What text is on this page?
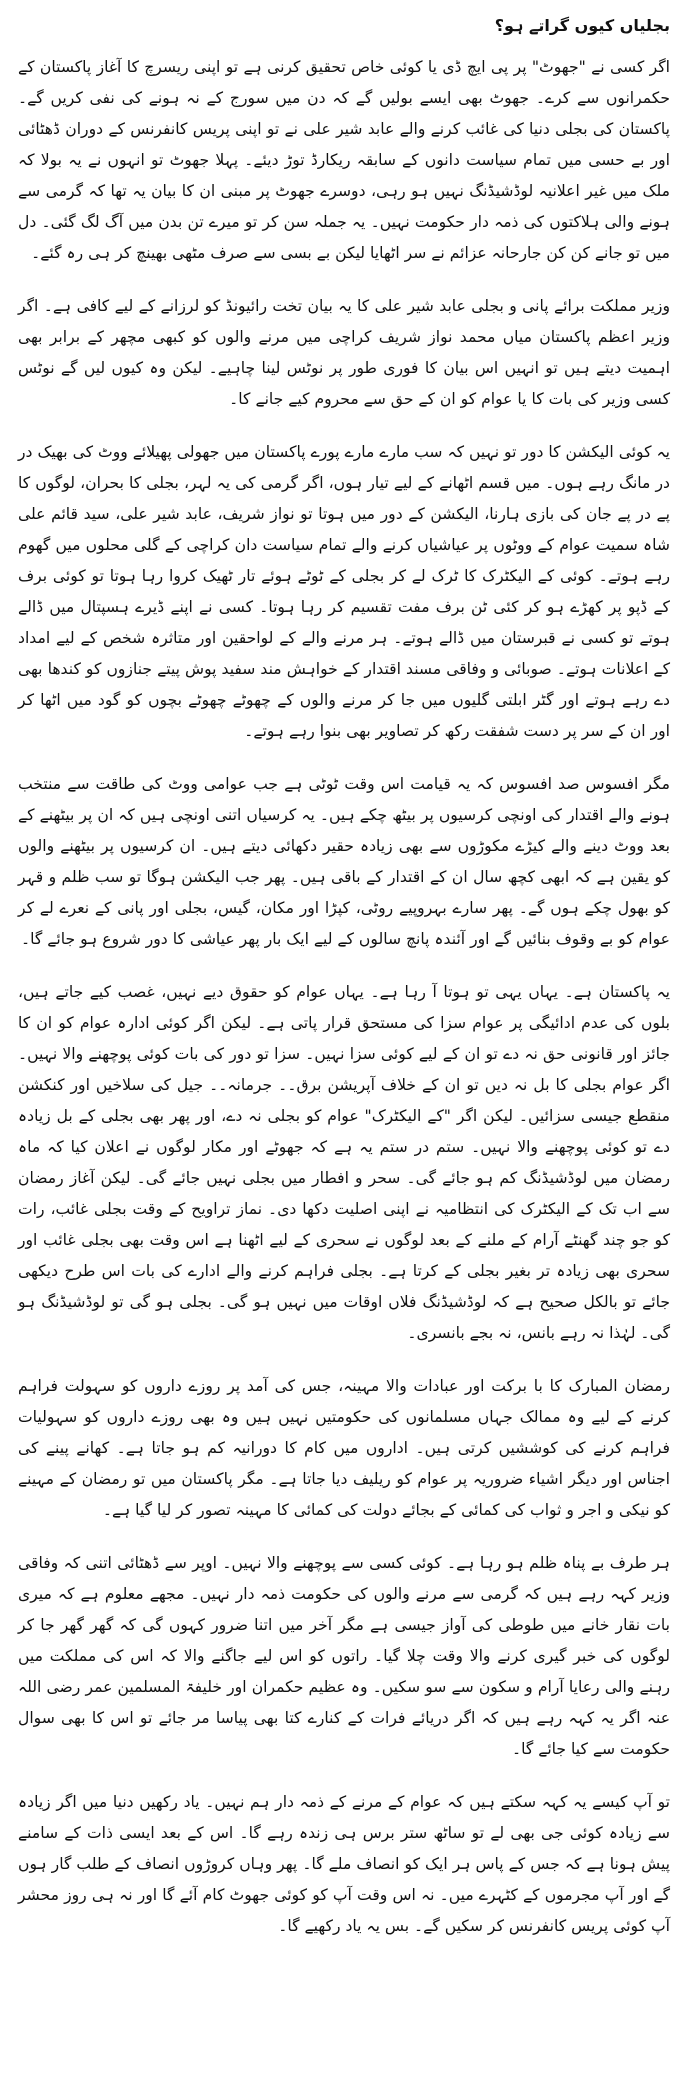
بجلیاں کیوں گراتے ہو؟

اگر کسی نے "جھوٹ" پر پی ایچ ڈی یا کوئی خاص تحقیق کرنی ہے تو اپنی ریسرچ کا آغاز پاکستان کے حکمرانوں سے کرے۔ جھوٹ بھی ایسے بولیں گے کہ دن میں سورج کے نہ ہونے کی نفی کریں گے۔ پاکستان کی بجلی دنیا کی غائب کرنے والے عابد شیر علی نے تو اپنی پریس کانفرنس کے دوران ڈھٹائی اور بے حسی میں تمام سیاست دانوں کے سابقہ ریکارڈ توڑ دیئے۔ پہلا جھوٹ تو انہوں نے یہ بولا کہ ملک میں غیر اعلانیہ لوڈشیڈنگ نہیں ہو رہی، دوسرے جھوٹ پر مبنی ان کا بیان یہ تھا کہ گرمی سے ہونے والی ہلاکتوں کی ذمہ دار حکومت نہیں۔ یہ جملہ سن کر تو میرے تن بدن میں آگ لگ گئی۔ دل میں تو جانے کن کن جارحانہ عزائم نے سر اٹھایا لیکن بے بسی سے صرف مٹھی بھینچ کر ہی رہ گئے۔

وزیر مملکت برائے پانی و بجلی عابد شیر علی کا یہ بیان تخت رائیونڈ کو لرزانے کے لیے کافی ہے۔ اگر وزیر اعظم پاکستان میاں محمد نواز شریف کراچی میں مرنے والوں کو کبھی مچھر کے برابر بھی اہمیت دیتے ہیں تو انہیں اس بیان کا فوری طور پر نوٹس لینا چاہیے۔ لیکن وہ کیوں لیں گے نوٹس کسی وزیر کی بات کا یا عوام کو ان کے حق سے محروم کیے جانے کا۔

یہ کوئی الیکشن کا دور تو نہیں کہ سب مارے مارے پورے پاکستان میں جھولی پھیلائے ووٹ کی بھیک در در مانگ رہے ہوں۔ میں قسم اٹھانے کے لیے تیار ہوں، اگر گرمی کی یہ لہر، بجلی کا بحران، لوگوں کا پے در پے جان کی بازی ہارنا، الیکشن کے دور میں ہوتا تو نواز شریف، عابد شیر علی، سید قائم علی شاہ سمیت عوام کے ووٹوں پر عیاشیاں کرنے والے تمام سیاست دان کراچی کے گلی محلوں میں گھوم رہے ہوتے۔ کوئی کے الیکٹرک کا ٹرک لے کر بجلی کے ٹوٹے ہوئے تار ٹھیک کروا رہا ہوتا تو کوئی برف کے ڈپو پر کھڑے ہو کر کئی ٹن برف مفت تقسیم کر رہا ہوتا۔ کسی نے اپنے ڈیرے ہسپتال میں ڈالے ہوتے تو کسی نے قبرستان میں ڈالے ہوتے۔ ہر مرنے والے کے لواحقین اور متاثرہ شخص کے لیے امداد کے اعلانات ہوتے۔ صوبائی و وفاقی مسند اقتدار کے خواہش مند سفید پوش پیتے جنازوں کو کندھا بھی دے رہے ہوتے اور گٹر ابلتی گلیوں میں جا کر مرنے والوں کے چھوٹے چھوٹے بچوں کو گود میں اٹھا کر اور ان کے سر پر دست شفقت رکھ کر تصاویر بھی بنوا رہے ہوتے۔

مگر افسوس صد افسوس کہ یہ قیامت اس وقت ٹوٹی ہے جب عوامی ووٹ کی طاقت سے منتخب ہونے والے اقتدار کی اونچی کرسیوں پر بیٹھ چکے ہیں۔ یہ کرسیاں اتنی اونچی ہیں کہ ان پر بیٹھنے کے بعد ووٹ دینے والے کیڑے مکوڑوں سے بھی زیادہ حقیر دکھائی دیتے ہیں۔ ان کرسیوں پر بیٹھنے والوں کو یقین ہے کہ ابھی کچھ سال ان کے اقتدار کے باقی ہیں۔ پھر جب الیکشن ہوگا تو سب ظلم و قہر کو بھول چکے ہوں گے۔ پھر سارے بہروپیے روٹی، کپڑا اور مکان، گیس، بجلی اور پانی کے نعرے لے کر عوام کو بے وقوف بنائیں گے اور آئندہ پانچ سالوں کے لیے ایک بار پھر عیاشی کا دور شروع ہو جائے گا۔

یہ پاکستان ہے۔ یہاں یہی تو ہوتا آ رہا ہے۔ یہاں عوام کو حقوق دیے نہیں، غصب کیے جاتے ہیں، بلوں کی عدم ادائیگی پر عوام سزا کی مستحق قرار پاتی ہے۔ لیکن اگر کوئی ادارہ عوام کو ان کا جائز اور قانونی حق نہ دے تو ان کے لیے کوئی سزا نہیں۔ سزا تو دور کی بات کوئی پوچھنے والا نہیں۔ اگر عوام بجلی کا بل نہ دیں تو ان کے خلاف آپریشن برق۔۔ جرمانہ۔۔ جیل کی سلاخیں اور کنکشن منقطع جیسی سزائیں۔ لیکن اگر "کے الیکٹرک" عوام کو بجلی نہ دے، اور پھر بھی بجلی کے بل زیادہ دے تو کوئی پوچھنے والا نہیں۔ ستم در ستم یہ ہے کہ جھوٹے اور مکار لوگوں نے اعلان کیا کہ ماہ رمضان میں لوڈشیڈنگ کم ہو جائے گی۔ سحر و افطار میں بجلی نہیں جائے گی۔ لیکن آغاز رمضان سے اب تک کے الیکٹرک کی انتظامیہ نے اپنی اصلیت دکھا دی۔ نماز تراویح کے وقت بجلی غائب، رات کو جو چند گھنٹے آرام کے ملنے کے بعد لوگوں نے سحری کے لیے اٹھنا ہے اس وقت بھی بجلی غائب اور سحری بھی زیادہ تر بغیر بجلی کے کرتا ہے۔ بجلی فراہم کرنے والے ادارے کی بات اس طرح دیکھی جائے تو بالکل صحیح ہے کہ لوڈشیڈنگ فلاں اوقات میں نہیں ہو گی۔ بجلی ہو گی تو لوڈشیڈنگ ہو گی۔ لہٰذا نہ رہے بانس، نہ بجے بانسری۔

رمضان المبارک کا با برکت اور عبادات والا مہینہ، جس کی آمد پر روزے داروں کو سہولت فراہم کرنے کے لیے وہ ممالک جہاں مسلمانوں کی حکومتیں نہیں ہیں وہ بھی روزے داروں کو سہولیات فراہم کرنے کی کوششیں کرتی ہیں۔ اداروں میں کام کا دورانیہ کم ہو جاتا ہے۔ کھانے پینے کی اجناس اور دیگر اشیاء ضروریہ پر عوام کو ریلیف دیا جاتا ہے۔ مگر پاکستان میں تو رمضان کے مہینے کو نیکی و اجر و ثواب کی کمائی کے بجائے دولت کی کمائی کا مہینہ تصور کر لیا گیا ہے۔

ہر طرف بے پناہ ظلم ہو رہا ہے۔ کوئی کسی سے پوچھنے والا نہیں۔ اوپر سے ڈھٹائی اتنی کہ وفاقی وزیر کہہ رہے ہیں کہ گرمی سے مرنے والوں کی حکومت ذمہ دار نہیں۔ مجھے معلوم ہے کہ میری بات نقار خانے میں طوطی کی آواز جیسی ہے مگر آخر میں اتنا ضرور کہوں گی کہ گھر گھر جا کر لوگوں کی خبر گیری کرنے والا وقت چلا گیا۔ راتوں کو اس لیے جاگنے والا کہ اس کی مملکت میں رہنے والی رعایا آرام و سکون سے سو سکیں۔ وہ عظیم حکمران اور خلیفۃ المسلمین عمر رضی اللہ عنہ اگر یہ کہہ رہے ہیں کہ اگر دریائے فرات کے کنارے کتا بھی پیاسا مر جائے تو اس کا بھی سوال حکومت سے کیا جائے گا۔

تو آپ کیسے یہ کہہ سکتے ہیں کہ عوام کے مرنے کے ذمہ دار ہم نہیں۔ یاد رکھیں دنیا میں اگر زیادہ سے زیادہ کوئی جی بھی لے تو ساٹھ ستر برس ہی زندہ رہے گا۔ اس کے بعد ایسی ذات کے سامنے پیش ہونا ہے کہ جس کے پاس ہر ایک کو انصاف ملے گا۔ پھر وہاں کروڑوں انصاف کے طلب گار ہوں گے اور آپ مجرموں کے کٹہرے میں۔ نہ اس وقت آپ کو کوئی جھوٹ کام آئے گا اور نہ ہی روز محشر آپ کوئی پریس کانفرنس کر سکیں گے۔ بس یہ یاد رکھیے گا۔
